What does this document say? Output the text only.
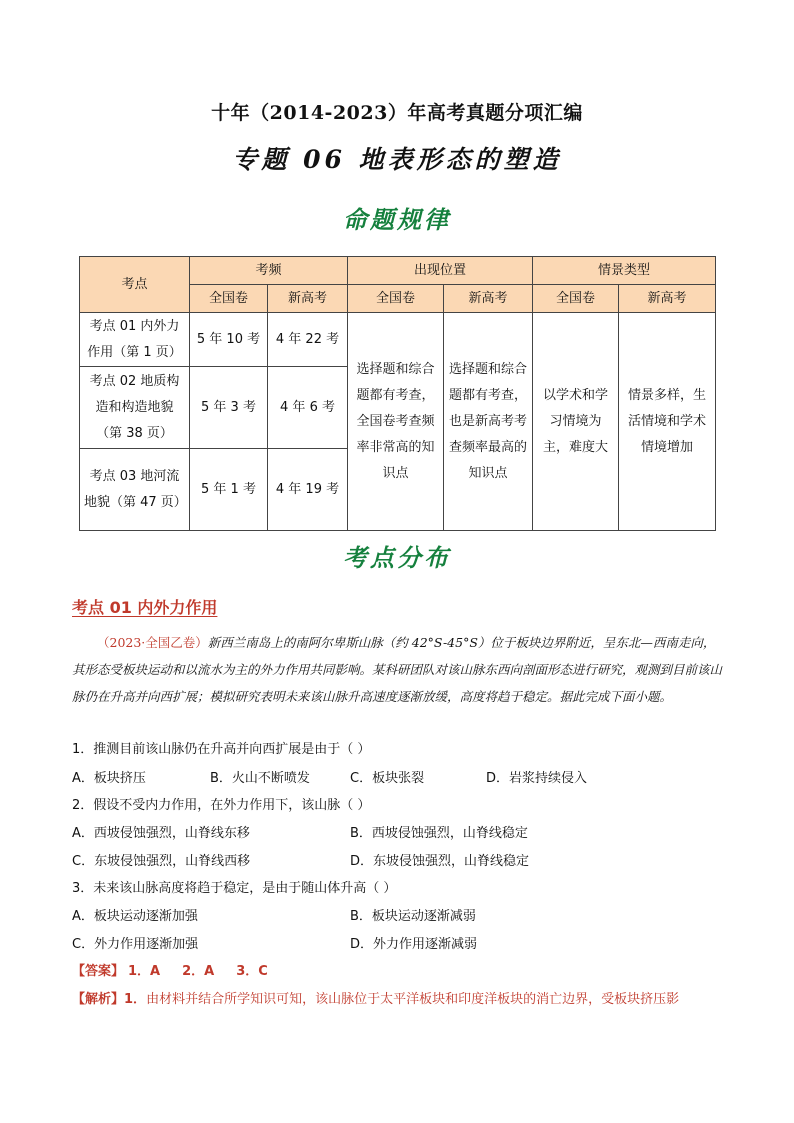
十年（2014-2023）年高考真题分项汇编
专题 06 地表形态的塑造
命题规律
考点	考频		出现位置		情景类型	
	全国卷	新高考	全国卷	新高考	全国卷	新高考
考点 01 内外力作用（第 1 页）	5 年 10 考	4 年 22 考	选择题和综合题都有考查，全国卷考查频率非常高的知识点	选择题和综合题都有考查，也是新高考考查频率最高的知识点	以学术和学习情境为主，难度大	情景多样，生活情境和学术情境增加
考点 02 地质构造和构造地貌（第 38 页）	5 年 3 考	4 年 6 考				
考点 03 地河流地貌（第 47 页）	5 年 1 考	4 年 19 考				
考点分布
考点 01 内外力作用
（2023·全国乙卷）新西兰南岛上的南阿尔卑斯山脉（约 42°S-45°S）位于板块边界附近，呈东北—西南走向，其形态受板块运动和以流水为主的外力作用共同影响。某科研团队对该山脉东西向剖面形态进行研究，观测到目前该山脉仍在升高并向西扩展；模拟研究表明未来该山脉升高速度逐渐放缓，高度将趋于稳定。据此完成下面小题。
1．推测目前该山脉仍在升高并向西扩展是由于（ ）
A．板块挤压	B．火山不断喷发	C．板块张裂	D．岩浆持续侵入
2．假设不受内力作用，在外力作用下，该山脉（ ）
A．西坡侵蚀强烈，山脊线东移	B．西坡侵蚀强烈，山脊线稳定
C．东坡侵蚀强烈，山脊线西移	D．东坡侵蚀强烈，山脊线稳定
3．未来该山脉高度将趋于稳定，是由于随山体升高（ ）
A．板块运动逐渐加强	B．板块运动逐渐减弱
C．外力作用逐渐加强	D．外力作用逐渐减弱
【答案】 1．A 2．A 3．C
【解析】1．由材料并结合所学知识可知，该山脉位于太平洋板块和印度洋板块的消亡边界，受板块挤压影
